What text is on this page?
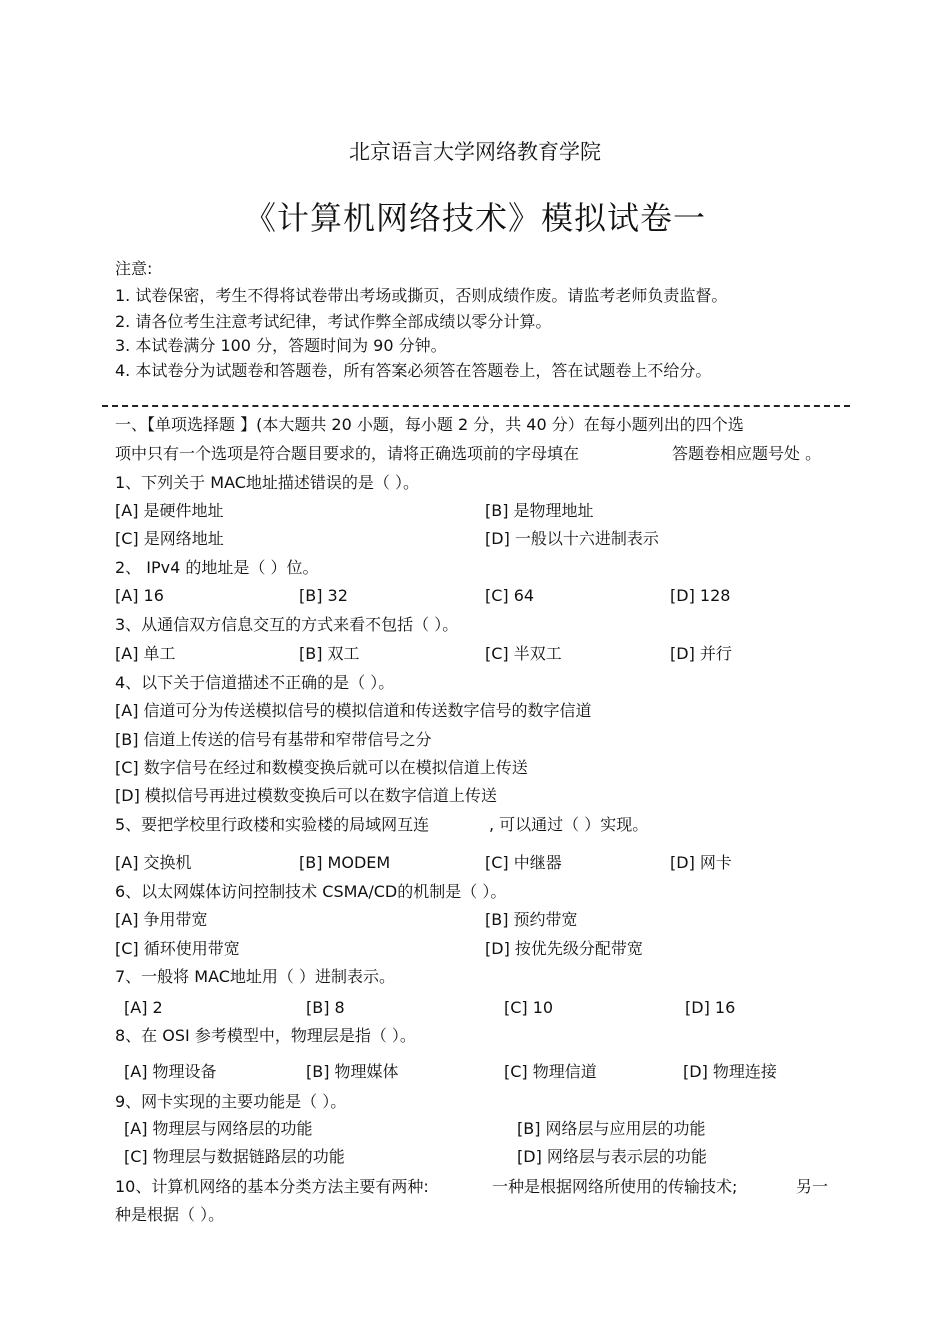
北京语言大学网络教育学院
《计算机网络技术》模拟试卷一
注意:
1. 试卷保密，考生不得将试卷带出考场或撕页，否则成绩作废。请监考老师负责监督。
2. 请各位考生注意考试纪律，考试作弊全部成绩以零分计算。
3. 本试卷满分 100 分，答题时间为 90 分钟。
4. 本试卷分为试题卷和答题卷，所有答案必须答在答题卷上，答在试题卷上不给分。
一、【单项选择题 】(本大题共 20 小题，每小题 2 分，共 40 分）在每小题列出的四个选
项中只有一个选项是符合题目要求的，请将正确选项前的字母填在	答题卷相应题号处 。
1、下列关于 MAC地址描述错误的是（ ）。
[A] 是硬件地址	[B] 是物理地址
[C] 是网络地址	[D] 一般以十六进制表示
2、 IPv4 的地址是（ ）位。
[A] 16	[B] 32	[C] 64	[D] 128
3、从通信双方信息交互的方式来看不包括（ ）。
[A] 单工	[B] 双工	[C] 半双工	[D] 并行
4、以下关于信道描述不正确的是（ ）。
[A] 信道可分为传送模拟信号的模拟信道和传送数字信号的数字信道
[B] 信道上传送的信号有基带和窄带信号之分
[C] 数字信号在经过和数模变换后就可以在模拟信道上传送
[D] 模拟信号再进过模数变换后可以在数字信道上传送
5、要把学校里行政楼和实验楼的局域网互连	, 可以通过（ ）实现。
[A] 交换机	[B] MODEM	[C] 中继器	[D] 网卡
6、以太网媒体访问控制技术 CSMA/CD的机制是（ ）。
[A] 争用带宽	[B] 预约带宽
[C] 循环使用带宽	[D] 按优先级分配带宽
7、一般将 MAC地址用（ ）进制表示。
[A] 2	[B] 8	[C] 10	[D] 16
8、在 OSI 参考模型中，物理层是指（ ）。
[A] 物理设备	[B] 物理媒体	[C] 物理信道	[D] 物理连接
9、网卡实现的主要功能是（ ）。
[A] 物理层与网络层的功能	[B] 网络层与应用层的功能
[C] 物理层与数据链路层的功能	[D] 网络层与表示层的功能
10、计算机网络的基本分类方法主要有两种:	一种是根据网络所使用的传输技术;	另一
种是根据（ ）。
